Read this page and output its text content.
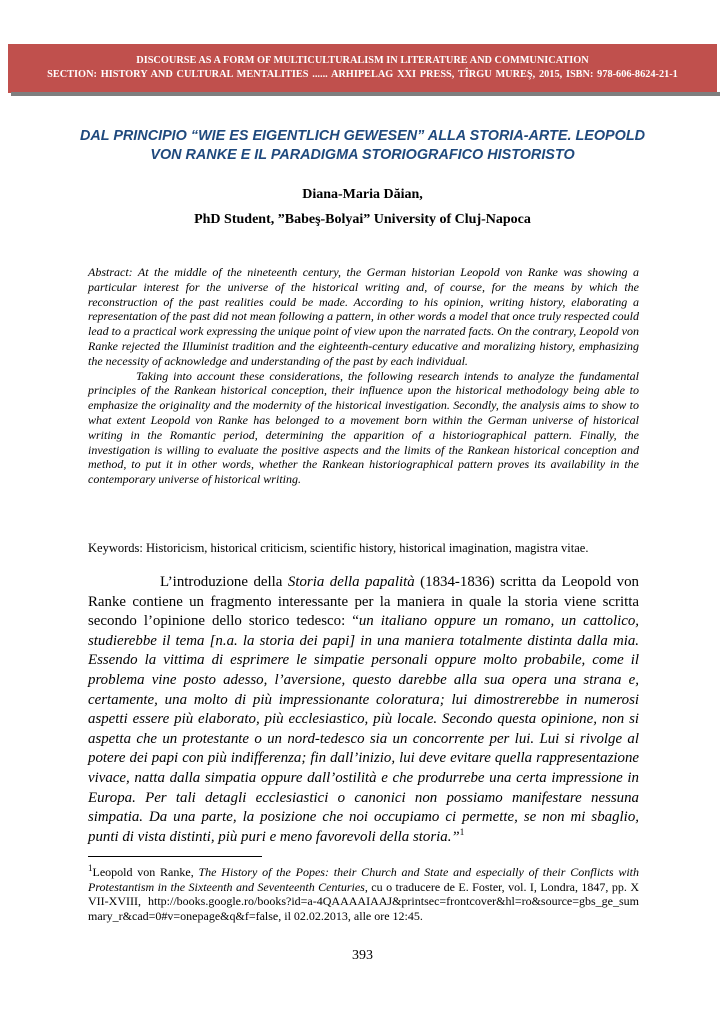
DISCOURSE AS A FORM OF MULTICULTURALISM IN LITERATURE AND COMMUNICATION
SECTION: HISTORY AND CULTURAL MENTALITIES ...... ARHIPELAG XXI PRESS, TÎRGU MUREŞ, 2015, ISBN: 978-606-8624-21-1
DAL PRINCIPIO “WIE ES EIGENTLICH GEWESEN” ALLA STORIA-ARTE. LEOPOLD
VON RANKE E IL PARADIGMA STORIOGRAFICO HISTORISTO
Diana-Maria Dăian,
PhD Student, ”Babeş-Bolyai” University of Cluj-Napoca

Abstract: At the middle of the nineteenth century, the German historian Leopold von Ranke was showing a particular interest for the universe of the historical writing and, of course, for the means by which the reconstruction of the past realities could be made. According to his opinion, writing history, elaborating a representation of the past did not mean following a pattern, in other words a model that once truly respected could lead to a practical work expressing the unique point of view upon the narrated facts. On the contrary, Leopold von Ranke rejected the Illuminist tradition and the eighteenth-century educative and moralizing history, emphasizing the necessity of acknowledge and understanding of the past by each individual.

Taking into account these considerations, the following research intends to analyze the fundamental principles of the Rankean historical conception, their influence upon the historical methodology being able to emphasize the originality and the modernity of the historical investigation. Secondly, the analysis aims to show to what extent Leopold von Ranke has belonged to a movement born within the German universe of historical writing in the Romantic period, determining the apparition of a historiographical pattern. Finally, the investigation is willing to evaluate the positive aspects and the limits of the Rankean historical conception and method, to put it in other words, whether the Rankean historiographical pattern proves its availability in the contemporary universe of historical writing.

Keywords: Historicism, historical criticism, scientific history, historical imagination, magistra vitae.

L’introduzione della Storia della papalità (1834-1836) scritta da Leopold von Ranke contiene un fragmento interessante per la maniera in quale la storia viene scritta secondo l’opinione dello storico tedesco: “un italiano oppure un romano, un cattolico, studierebbe il tema [n.a. la storia dei papi] in una maniera totalmente distinta dalla mia. Essendo la vittima di esprimere le simpatie personali oppure molto probabile, come il problema vine posto adesso, l’aversione, questo darebbe alla sua opera una strana e, certamente, una molto di più impressionante coloratura; lui dimostrerebbe in numerosi aspetti essere più elaborato, più ecclesiastico, più locale. Secondo questa opinione, non si aspetta che un protestante o un nord-tedesco sia un concorrente per lui. Lui si rivolge al potere dei papi con più indifferenza; fin dall’inizio, lui deve evitare quella rappresentazione vivace, natta dalla simpatia oppure dall’ostilità e che produrrebe una certa impressione in Europa. Per tali detagli ecclesiastici o canonici non possiamo manifestare nessuna simpatia. Da una parte, la posizione che noi occupiamo ci permette, se non mi sbaglio, punti di vista distinti, più puri e meno favorevoli della storia.”$^1$

$^1$Leopold von Ranke, The History of the Popes: their Church and State and especially of their Conflicts with Protestantism in the Sixteenth and Seventeenth Centuries, cu o traducere de E. Foster, vol. I, Londra, 1847, pp. XVII-XVIII, http://books.google.ro/books?id=a-4QAAAAIAAJ&printsec=frontcover&hl=ro&source=gbs_ge_summary_r&cad=0#v=onepage&q&f=false, il 02.02.2013, alle ore 12:45.

393
